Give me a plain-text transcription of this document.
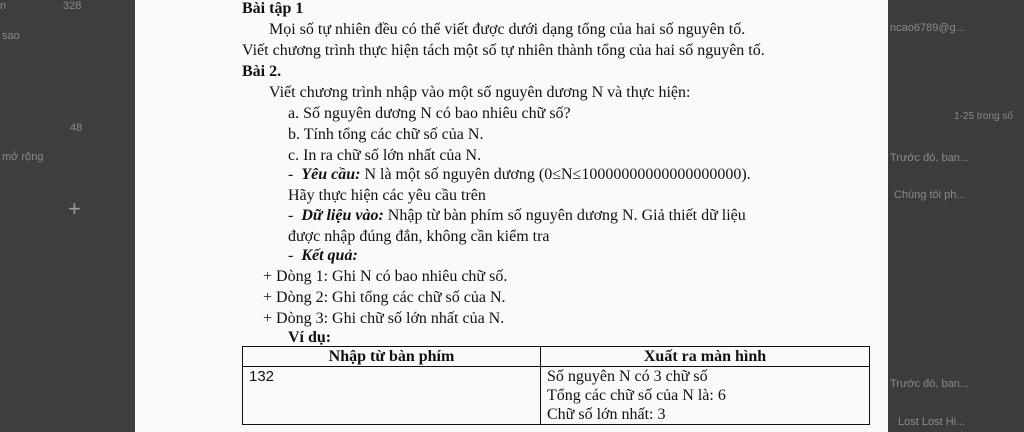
n	328
sao
48
mở rộng
+
ncao6789@g...
1-25 trong số
Trước đó, ban...
Chúng tôi ph...
Trước đó, ban...
Lost Lost Hi...
Bài tập 1
Mọi số tự nhiên đều có thể viết được dưới dạng tổng của hai số nguyên tố.
Viết chương trình thực hiện tách một số tự nhiên thành tổng của hai số nguyên tố.
Bài 2.
Viết chương trình nhập vào một số nguyên dương N và thực hiện:
a. Số nguyên dương N có bao nhiêu chữ số?
b. Tính tổng các chữ số của N.
c. In ra chữ số lớn nhất của N.
-  Yêu cầu: N là một số nguyên dương (0≤N≤10000000000000000000).
Hãy thực hiện các yêu cầu trên
-  Dữ liệu vào: Nhập từ bàn phím số nguyên dương N. Giả thiết dữ liệu
được nhập đúng đắn, không cần kiểm tra
-  Kết quả:
+ Dòng 1: Ghi N có bao nhiêu chữ số.
+ Dòng 2: Ghi tổng các chữ số của N.
+ Dòng 3: Ghi chữ số lớn nhất của N.
Ví dụ:
Nhập từ bàn phím	Xuất ra màn hình
132	Số nguyên N có 3 chữ số
Tổng các chữ số của N là: 6
Chữ số lớn nhất: 3
